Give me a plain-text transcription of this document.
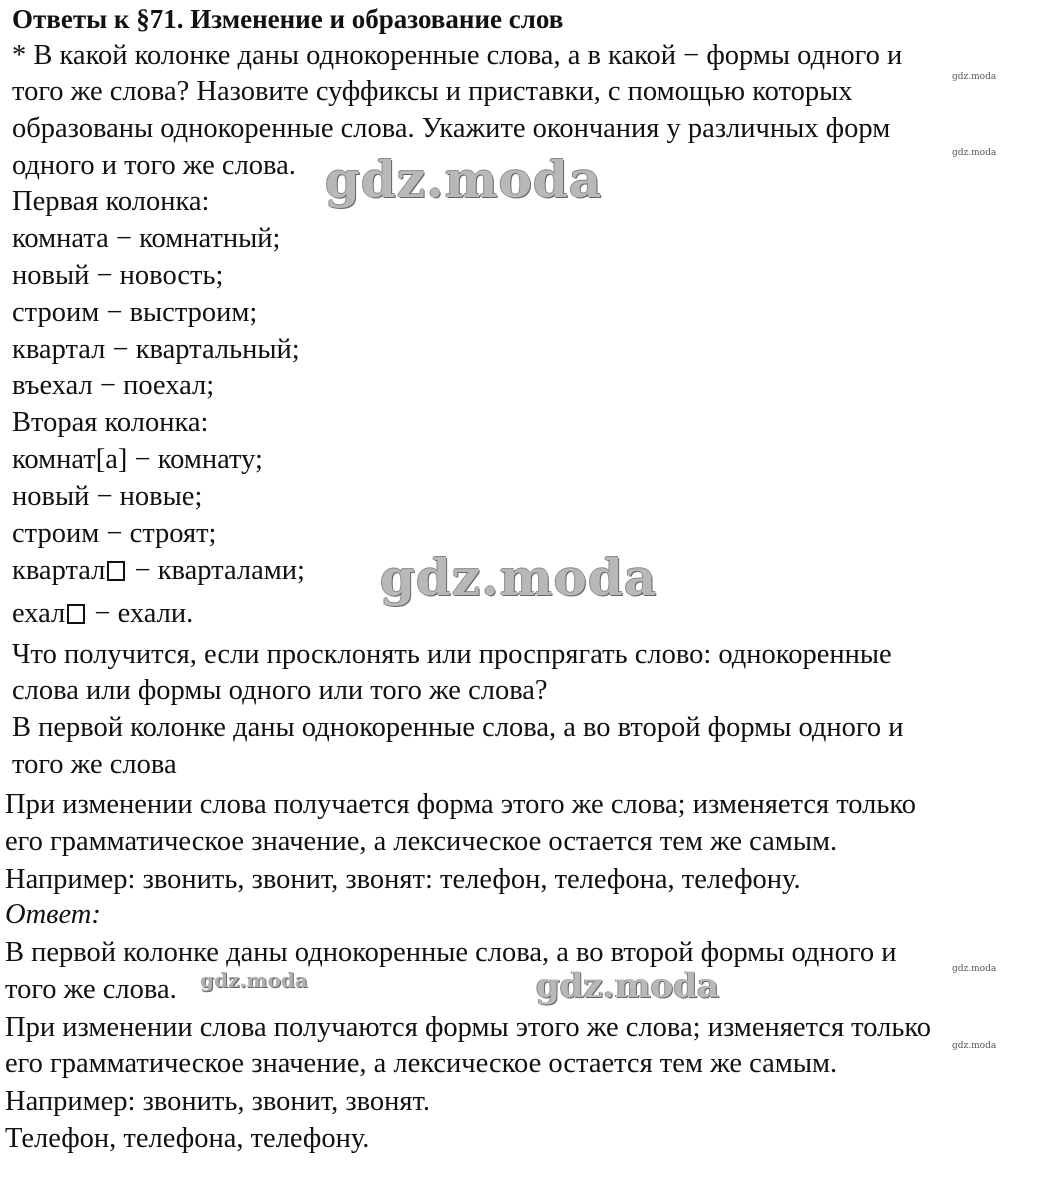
Ответы к §71. Изменение и образование слов
* В какой колонке даны однокоренные слова, а в какой − формы одного и
того же слова? Назовите суффиксы и приставки, с помощью которых
образованы однокоренные слова. Укажите окончания у различных форм
одного и того же слова.
Первая колонка:
комната − комнатный;
новый − новость;
строим − выстроим;
квартал − квартальный;
въехал − поехал;
Вторая колонка:
комнат[а] − комнату;
новый − новые;
строим − строят;
квартал − кварталами;
ехал − ехали.
Что получится, если просклонять или проспрягать слово: однокоренные
слова или формы одного или того же слова?
В первой колонке даны однокоренные слова, а во второй формы одного и
того же слова
При изменении слова получается форма этого же слова; изменяется только
его грамматическое значение, а лексическое остается тем же самым.
Например: звонить, звонит, звонят: телефон, телефона, телефону.
Ответ:
В первой колонке даны однокоренные слова, а во второй формы одного и
того же слова.
При изменении слова получаются формы этого же слова; изменяется только
его грамматическое значение, а лексическое остается тем же самым.
Например: звонить, звонит, звонят.
Телефон, телефона, телефону.
gdz.moda
gdz.moda
gdz.moda
gdz.moda
gdz.moda
gdz.moda
gdz.moda
gdz.moda
